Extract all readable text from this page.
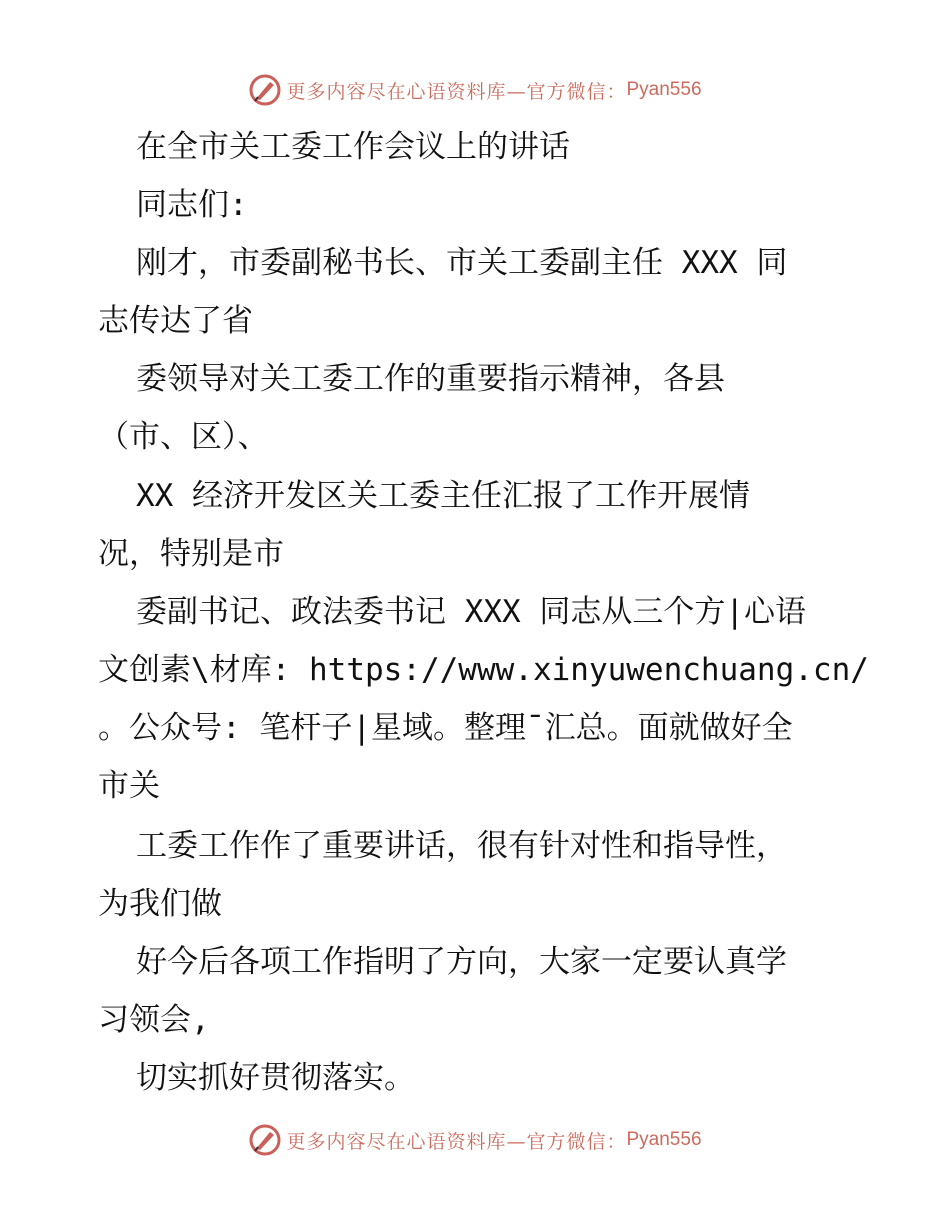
更多内容尽在心语资料库—官方微信： Pyan556
在全市关工委工作会议上的讲话
同志们:
刚才，市委副秘书长、市关工委副主任 XXX 同
志传达了省
委领导对关工委工作的重要指示精神，各县
（市、区）、
XX 经济开发区关工委主任汇报了工作开展情
况，特别是市
委副书记、政法委书记 XXX 同志从三个方|心语
文创素\材库: https://www.xinyuwenchuang.cn/
。公众号: 笔杆子|星域。整理¯汇总。面就做好全
市关
工委工作作了重要讲话，很有针对性和指导性，
为我们做
好今后各项工作指明了方向，大家一定要认真学
习领会,
切实抓好贯彻落实。
更多内容尽在心语资料库—官方微信： Pyan556
